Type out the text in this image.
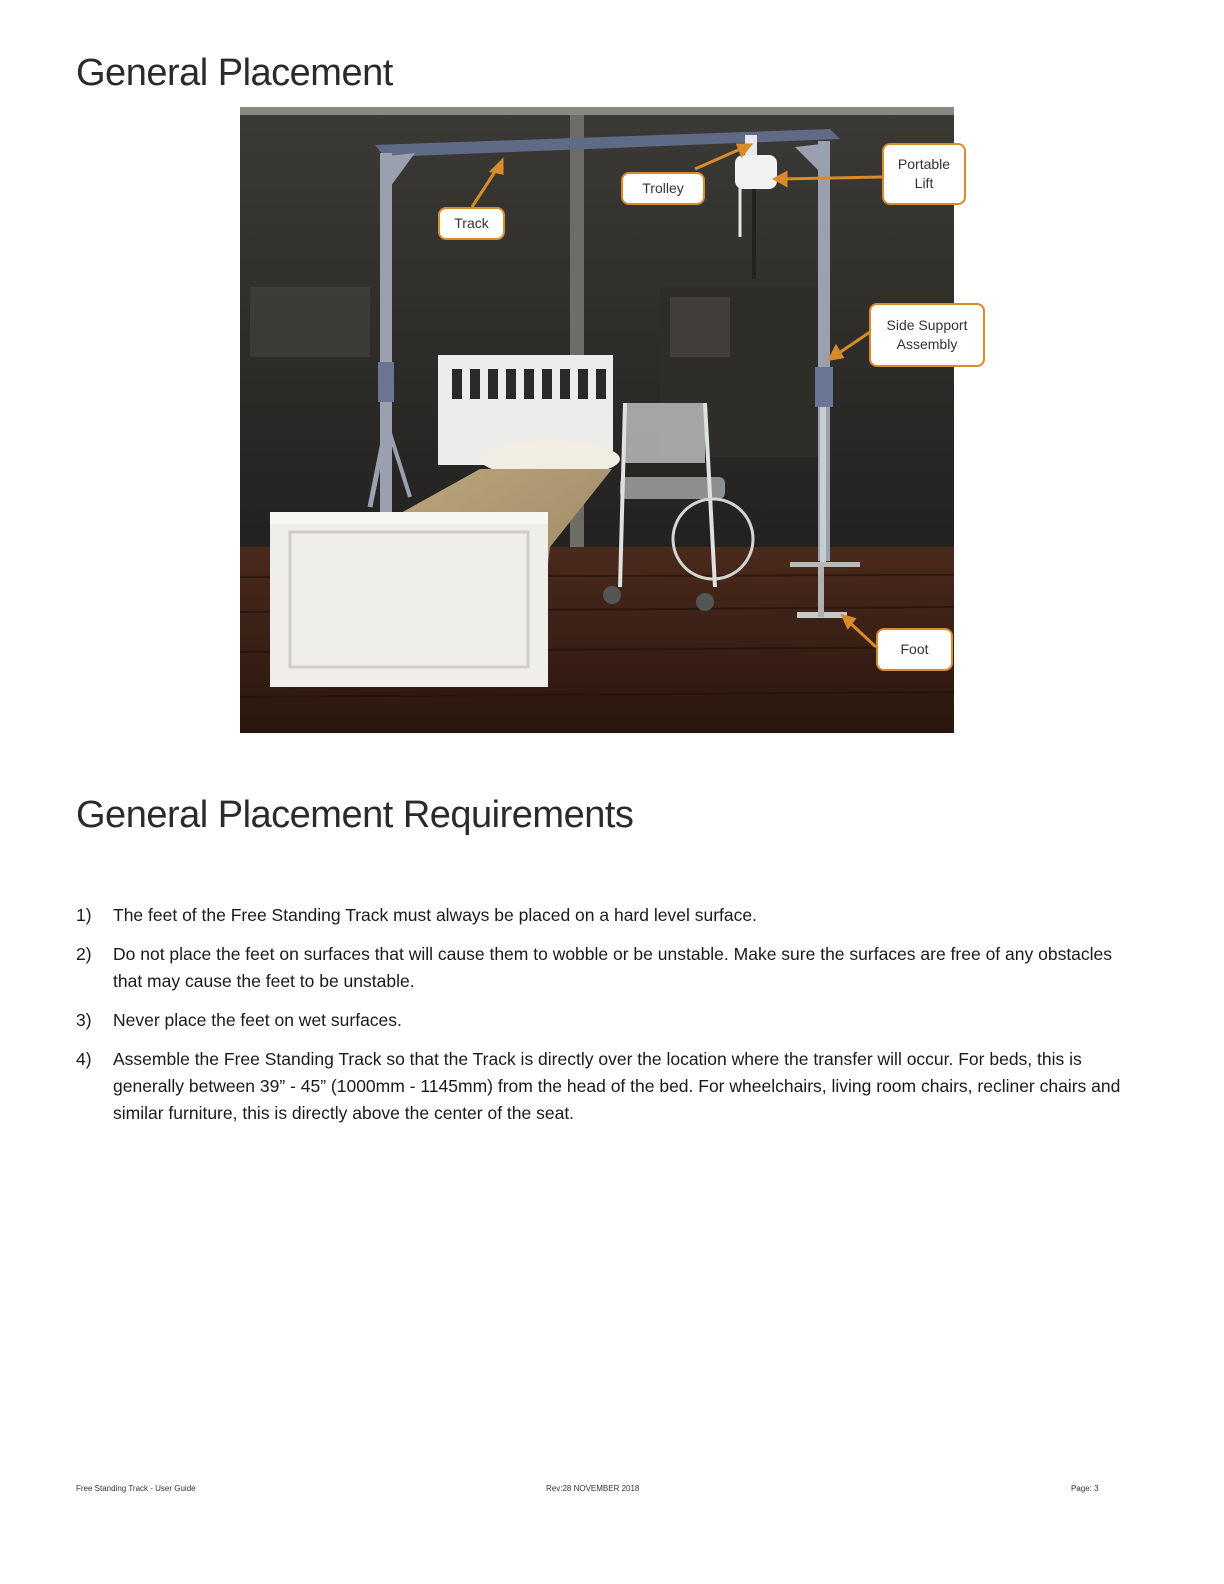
General Placement
Trolley
Portable
Lift
Track
Side Support
Assembly
Foot
General Placement Requirements
1) The feet of the Free Standing Track must always be placed on a hard level surface.
2) Do not place the feet on surfaces that will cause them to wobble or be unstable. Make sure the surfaces are free of any obstacles that may cause the feet to be unstable.
3) Never place the feet on wet surfaces.
4) Assemble the Free Standing Track so that the Track is directly over the location where the transfer will occur. For beds, this is generally between 39” - 45” (1000mm - 1145mm) from the head of the bed. For wheelchairs, living room chairs, recliner chairs and similar furniture, this is directly above the center of the seat.
Free Standing Track - User Guide	Rev:28 NOVEMBER 2018	Page: 3
